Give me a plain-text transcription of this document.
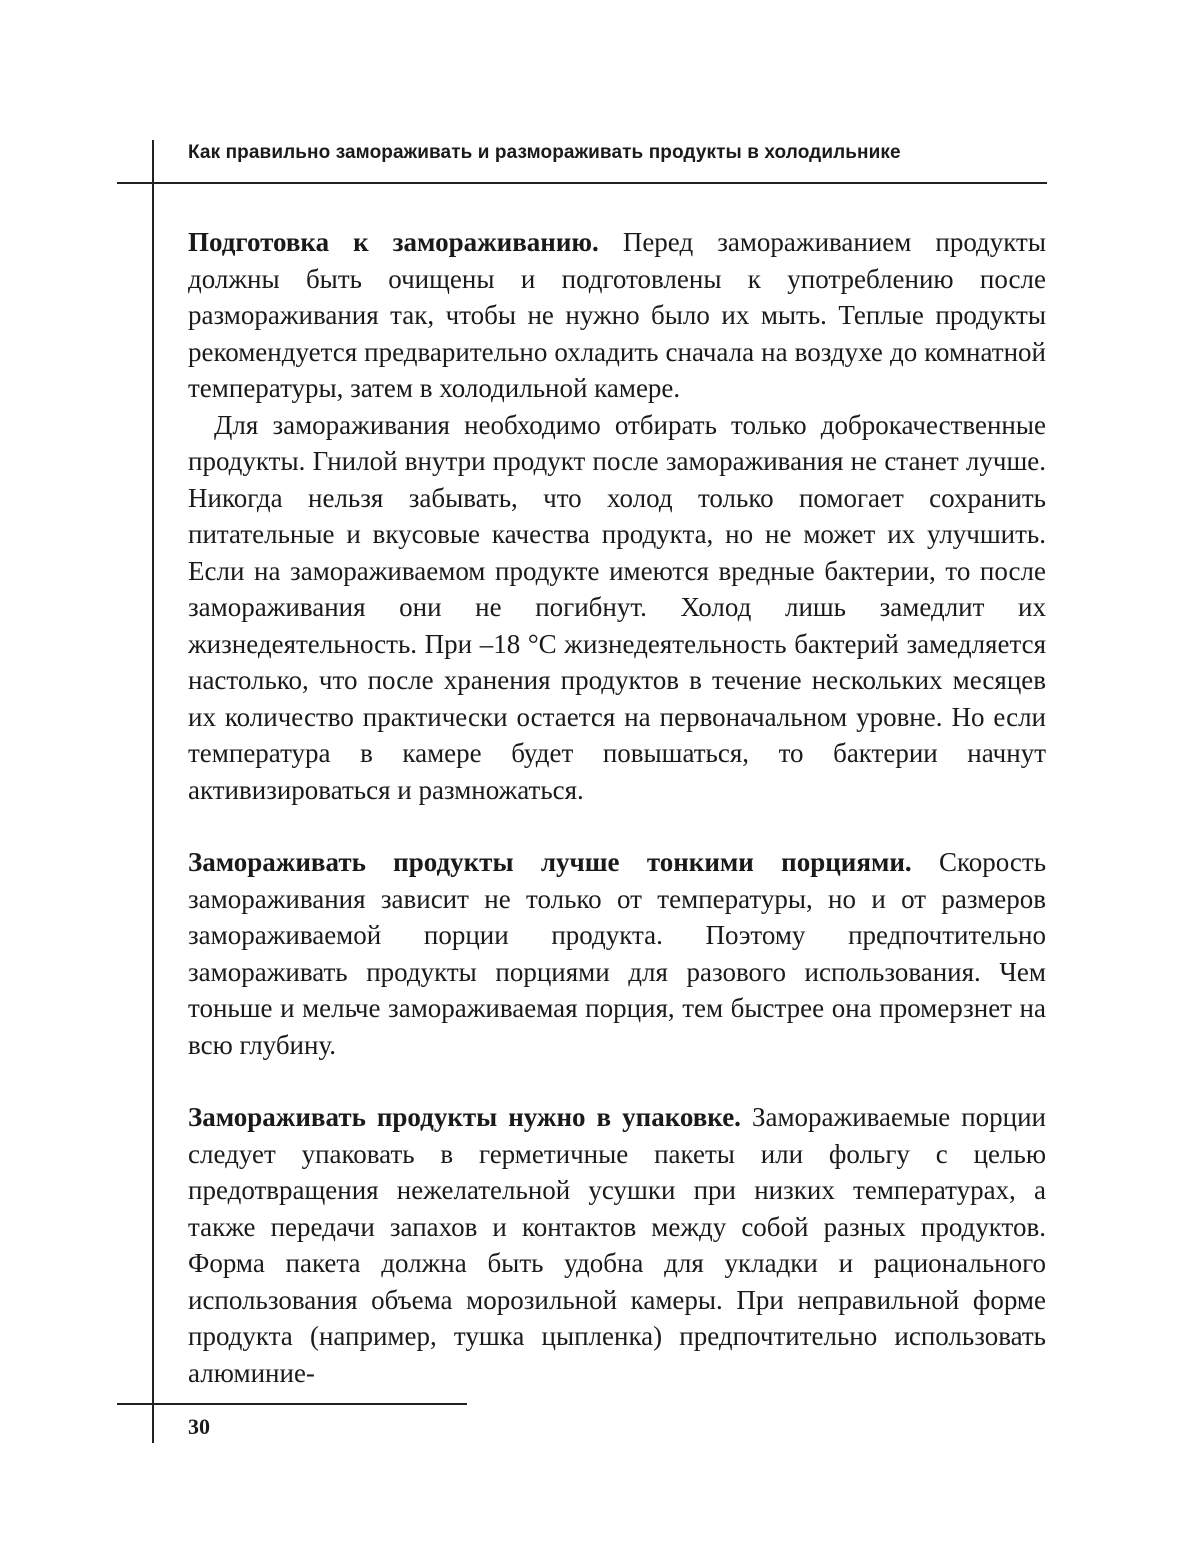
Как правильно замораживать и размораживать продукты в холодильнике

Подготовка к замораживанию. Перед замораживанием продукты должны быть очищены и подготовлены к употреблению после размораживания так, чтобы не нужно было их мыть. Теплые продукты рекомендуется предварительно охладить сначала на воздухе до комнатной температуры, затем в холодильной камере.

Для замораживания необходимо отбирать только доброкачественные продукты. Гнилой внутри продукт после замораживания не станет лучше. Никогда нельзя забывать, что холод только помогает сохранить питательные и вкусовые качества продукта, но не может их улучшить. Если на замораживаемом продукте имеются вредные бактерии, то после замораживания они не погибнут. Холод лишь замедлит их жизнедеятельность. При –18 °С жизнедеятельность бактерий замедляется настолько, что после хранения продуктов в течение нескольких месяцев их количество практически остается на первоначальном уровне. Но если температура в камере будет повышаться, то бактерии начнут активизироваться и размножаться.

Замораживать продукты лучше тонкими порциями. Скорость замораживания зависит не только от температуры, но и от размеров замораживаемой порции продукта. Поэтому предпочтительно замораживать продукты порциями для разового использования. Чем тоньше и мельче замораживаемая порция, тем быстрее она промерзнет на всю глубину.

Замораживать продукты нужно в упаковке. Замораживаемые порции следует упаковать в герметичные пакеты или фольгу с целью предотвращения нежелательной усушки при низких температурах, а также передачи запахов и контактов между собой разных продуктов. Форма пакета должна быть удобна для укладки и рационального использования объема морозильной камеры. При неправильной форме продукта (например, тушка цыпленка) предпочтительно использовать алюминие-

30
